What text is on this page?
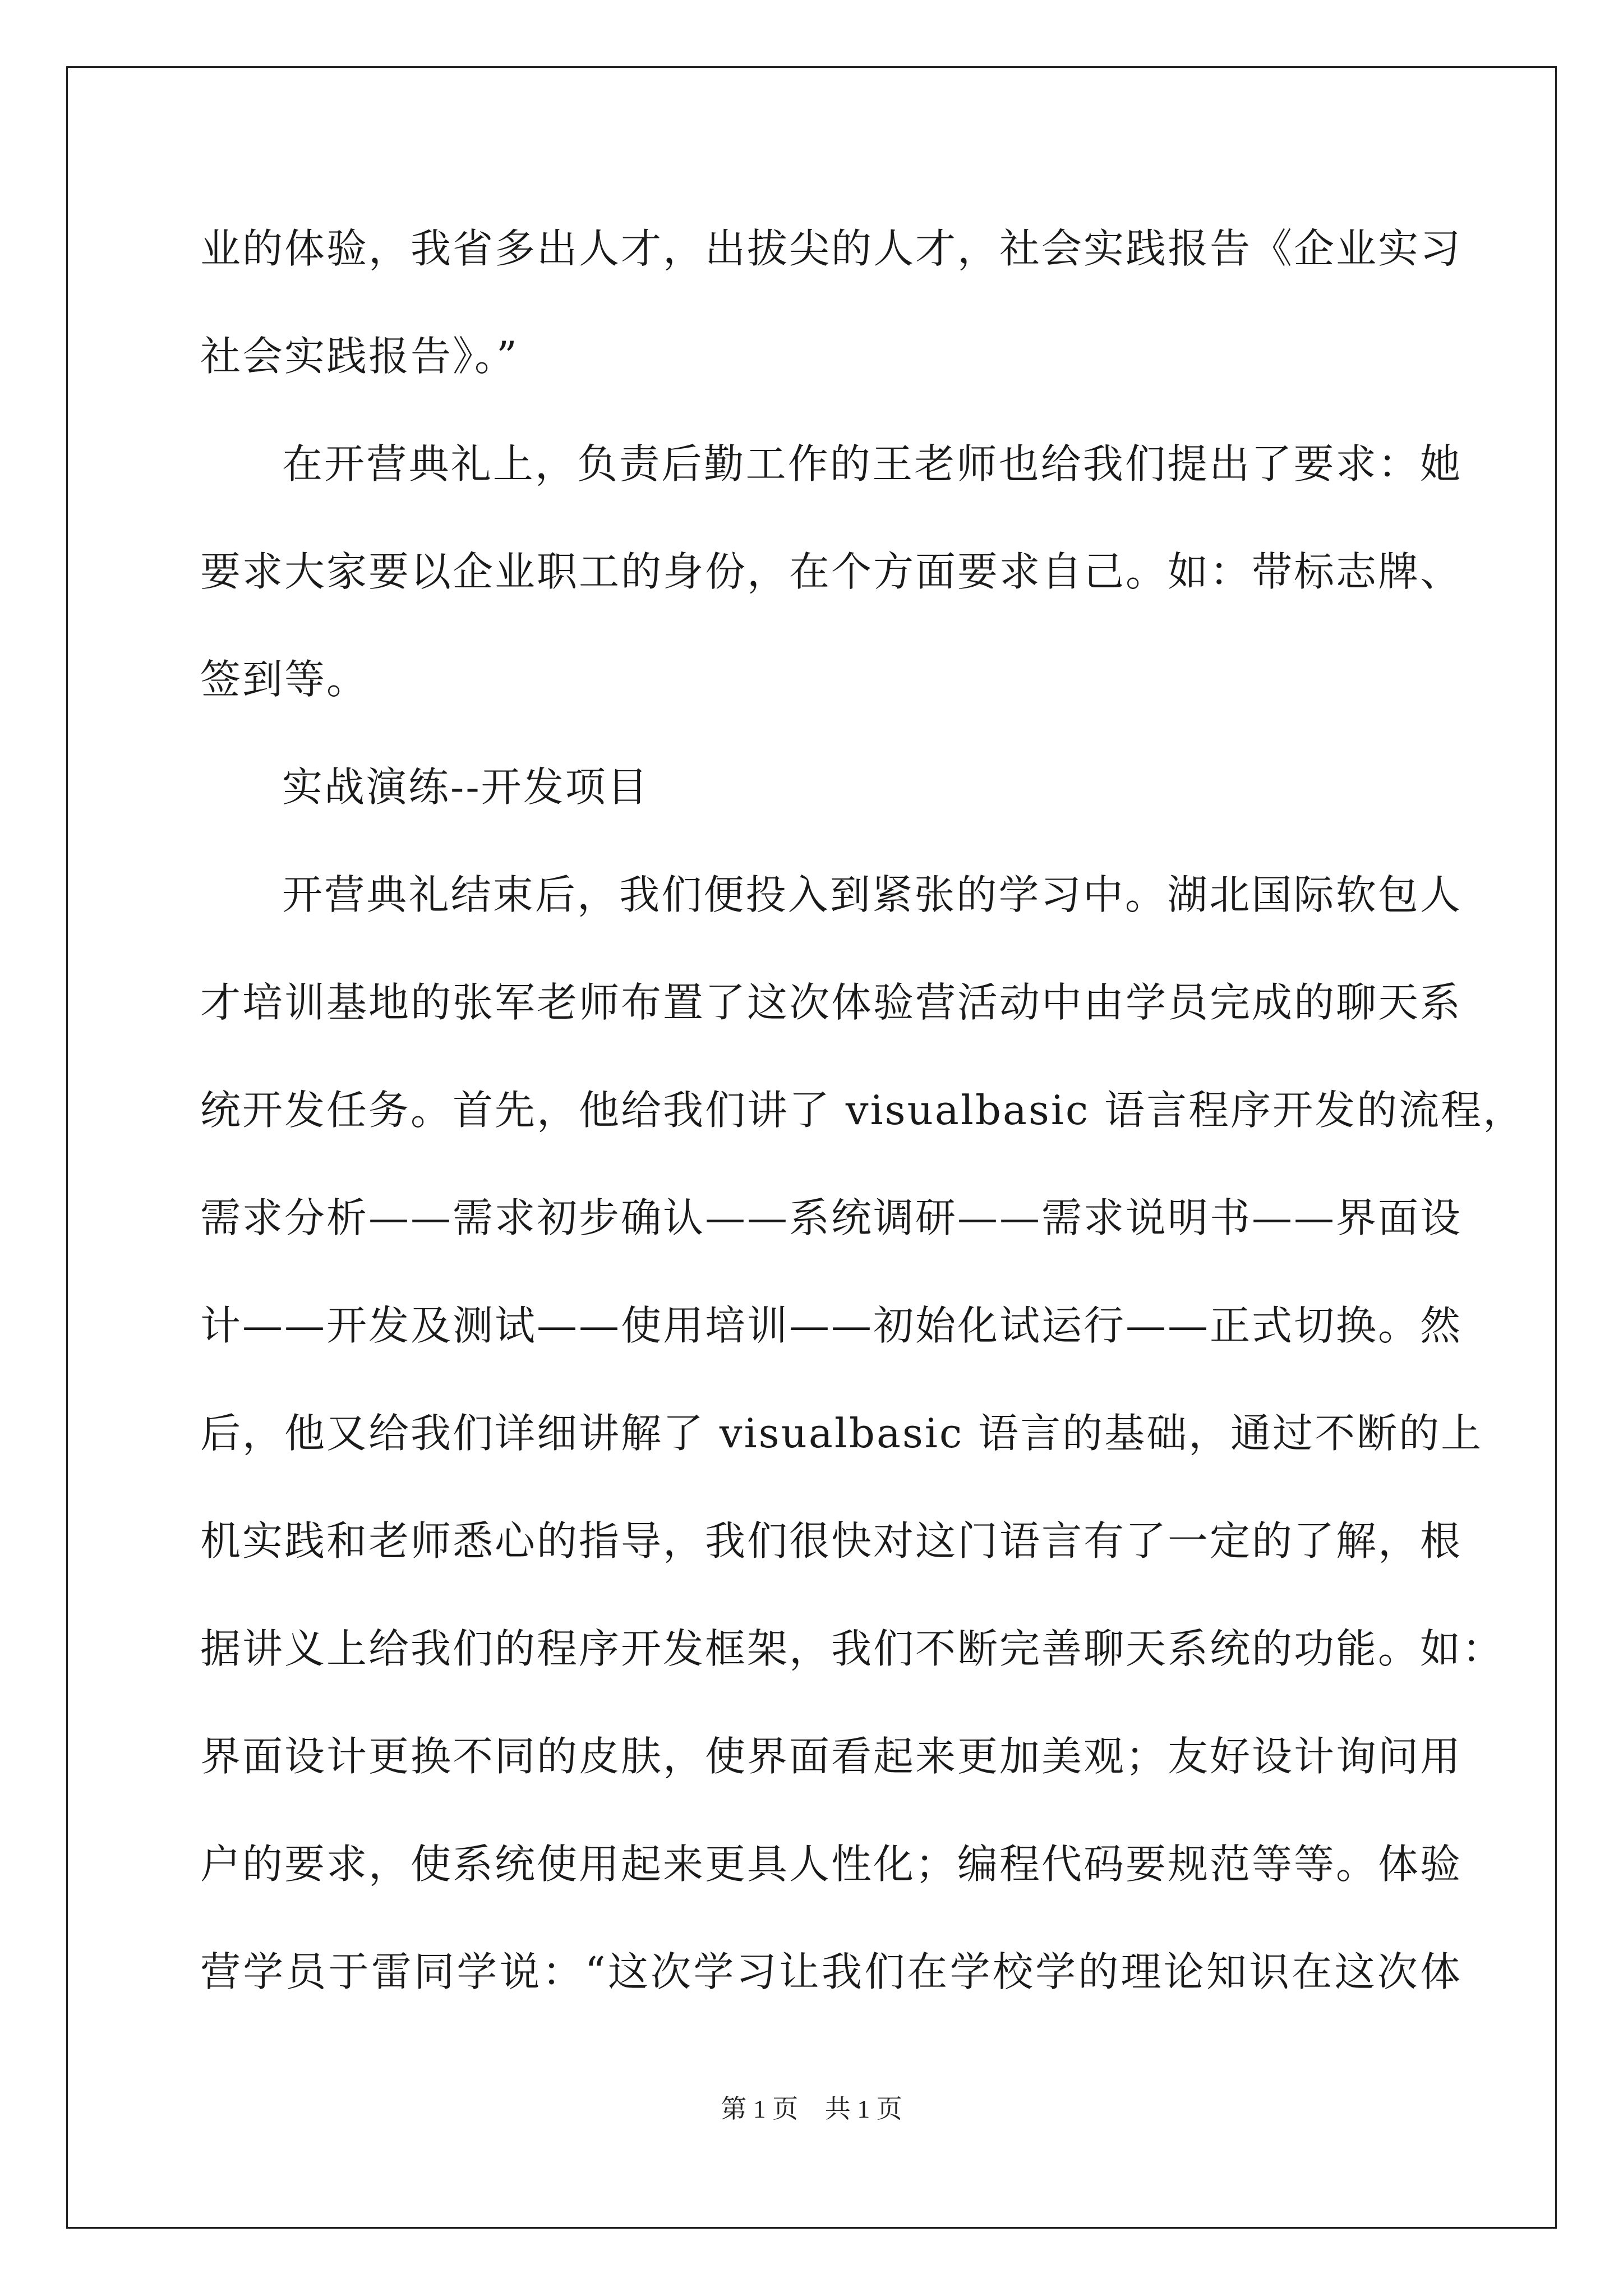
业的体验，我省多出人才，出拔尖的人才，社会实践报告《企业实习
社会实践报告》。”
在开营典礼上，负责后勤工作的王老师也给我们提出了要求：她
要求大家要以企业职工的身份，在个方面要求自己。如：带标志牌、
签到等。
实战演练--开发项目
开营典礼结束后，我们便投入到紧张的学习中。湖北国际软包人
才培训基地的张军老师布置了这次体验营活动中由学员完成的聊天系
统开发任务。首先，他给我们讲了 visualbasic 语言程序开发的流程，
需求分析——需求初步确认——系统调研——需求说明书——界面设
计——开发及测试——使用培训——初始化试运行——正式切换。然
后，他又给我们详细讲解了 visualbasic 语言的基础，通过不断的上
机实践和老师悉心的指导，我们很快对这门语言有了一定的了解，根
据讲义上给我们的程序开发框架，我们不断完善聊天系统的功能。如：
界面设计更换不同的皮肤，使界面看起来更加美观；友好设计询问用
户的要求，使系统使用起来更具人性化；编程代码要规范等等。体验
营学员于雷同学说：“这次学习让我们在学校学的理论知识在这次体
第 1 页 共 1 页
